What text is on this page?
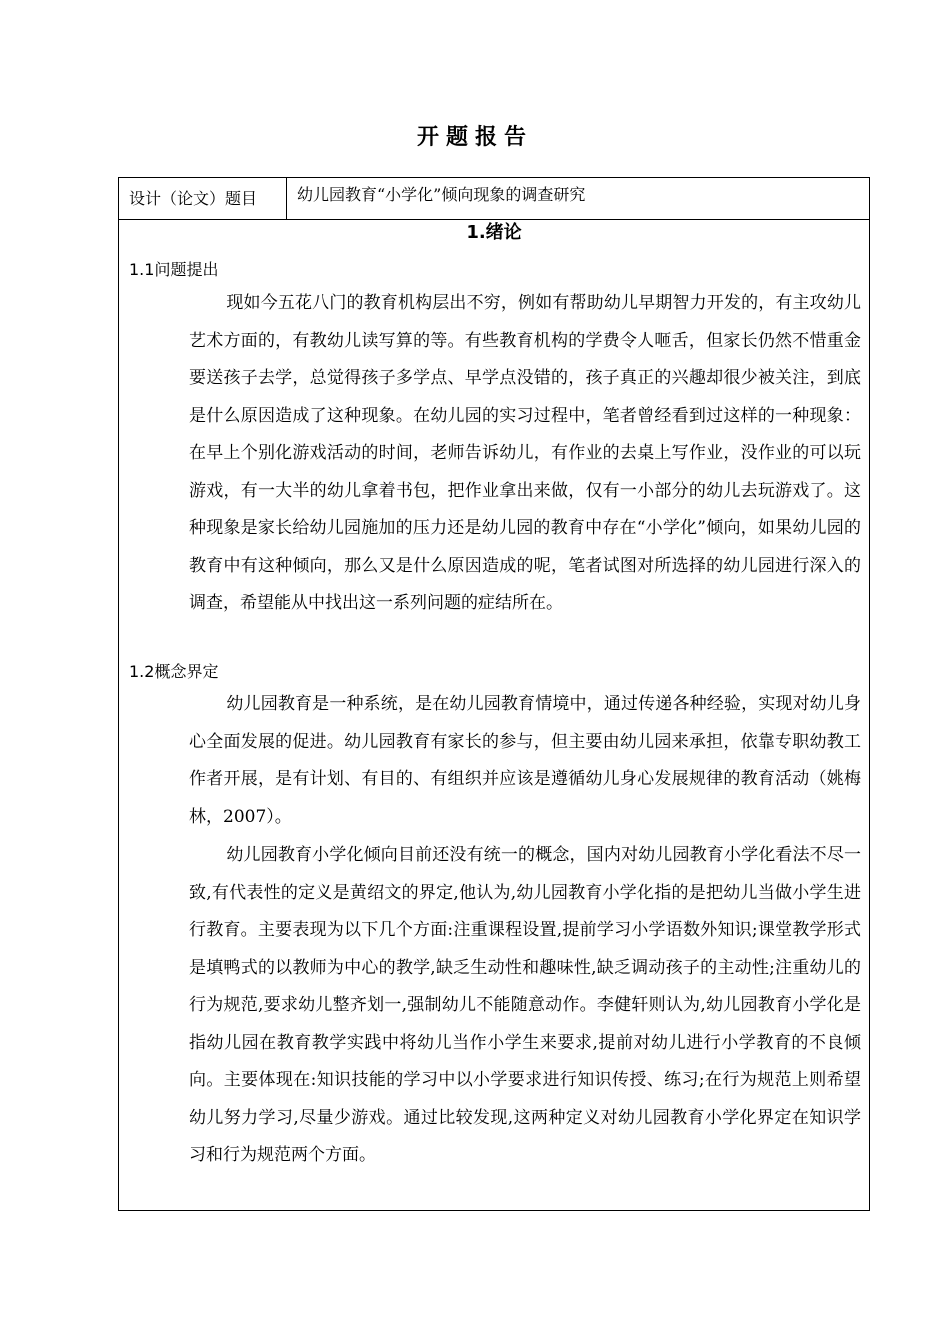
开题报告
设计（论文）题目 幼儿园教育“小学化”倾向现象的调查研究
1.绪论
1.1问题提出

现如今五花八门的教育机构层出不穷，例如有帮助幼儿早期智力开发的，有主攻幼儿艺术方面的，有教幼儿读写算的等。有些教育机构的学费令人咂舌，但家长仍然不惜重金要送孩子去学，总觉得孩子多学点、早学点没错的，孩子真正的兴趣却很少被关注，到底是什么原因造成了这种现象。在幼儿园的实习过程中，笔者曾经看到过这样的一种现象：在早上个别化游戏活动的时间，老师告诉幼儿，有作业的去桌上写作业，没作业的可以玩游戏，有一大半的幼儿拿着书包，把作业拿出来做，仅有一小部分的幼儿去玩游戏了。这种现象是家长给幼儿园施加的压力还是幼儿园的教育中存在“小学化”倾向，如果幼儿园的教育中有这种倾向，那么又是什么原因造成的呢，笔者试图对所选择的幼儿园进行深入的调查，希望能从中找出这一系列问题的症结所在。

1.2概念界定

幼儿园教育是一种系统，是在幼儿园教育情境中，通过传递各种经验，实现对幼儿身心全面发展的促进。幼儿园教育有家长的参与，但主要由幼儿园来承担，依靠专职幼教工作者开展，是有计划、有目的、有组织并应该是遵循幼儿身心发展规律的教育活动（姚梅林，2007）。

幼儿园教育小学化倾向目前还没有统一的概念，国内对幼儿园教育小学化看法不尽一致,有代表性的定义是黄绍文的界定,他认为,幼儿园教育小学化指的是把幼儿当做小学生进行教育。主要表现为以下几个方面:注重课程设置,提前学习小学语数外知识;课堂教学形式是填鸭式的以教师为中心的教学,缺乏生动性和趣味性,缺乏调动孩子的主动性;注重幼儿的行为规范,要求幼儿整齐划一,强制幼儿不能随意动作。李健轩则认为,幼儿园教育小学化是指幼儿园在教育教学实践中将幼儿当作小学生来要求,提前对幼儿进行小学教育的不良倾向。主要体现在:知识技能的学习中以小学要求进行知识传授、练习;在行为规范上则希望幼儿努力学习,尽量少游戏。通过比较发现,这两种定义对幼儿园教育小学化界定在知识学习和行为规范两个方面。
